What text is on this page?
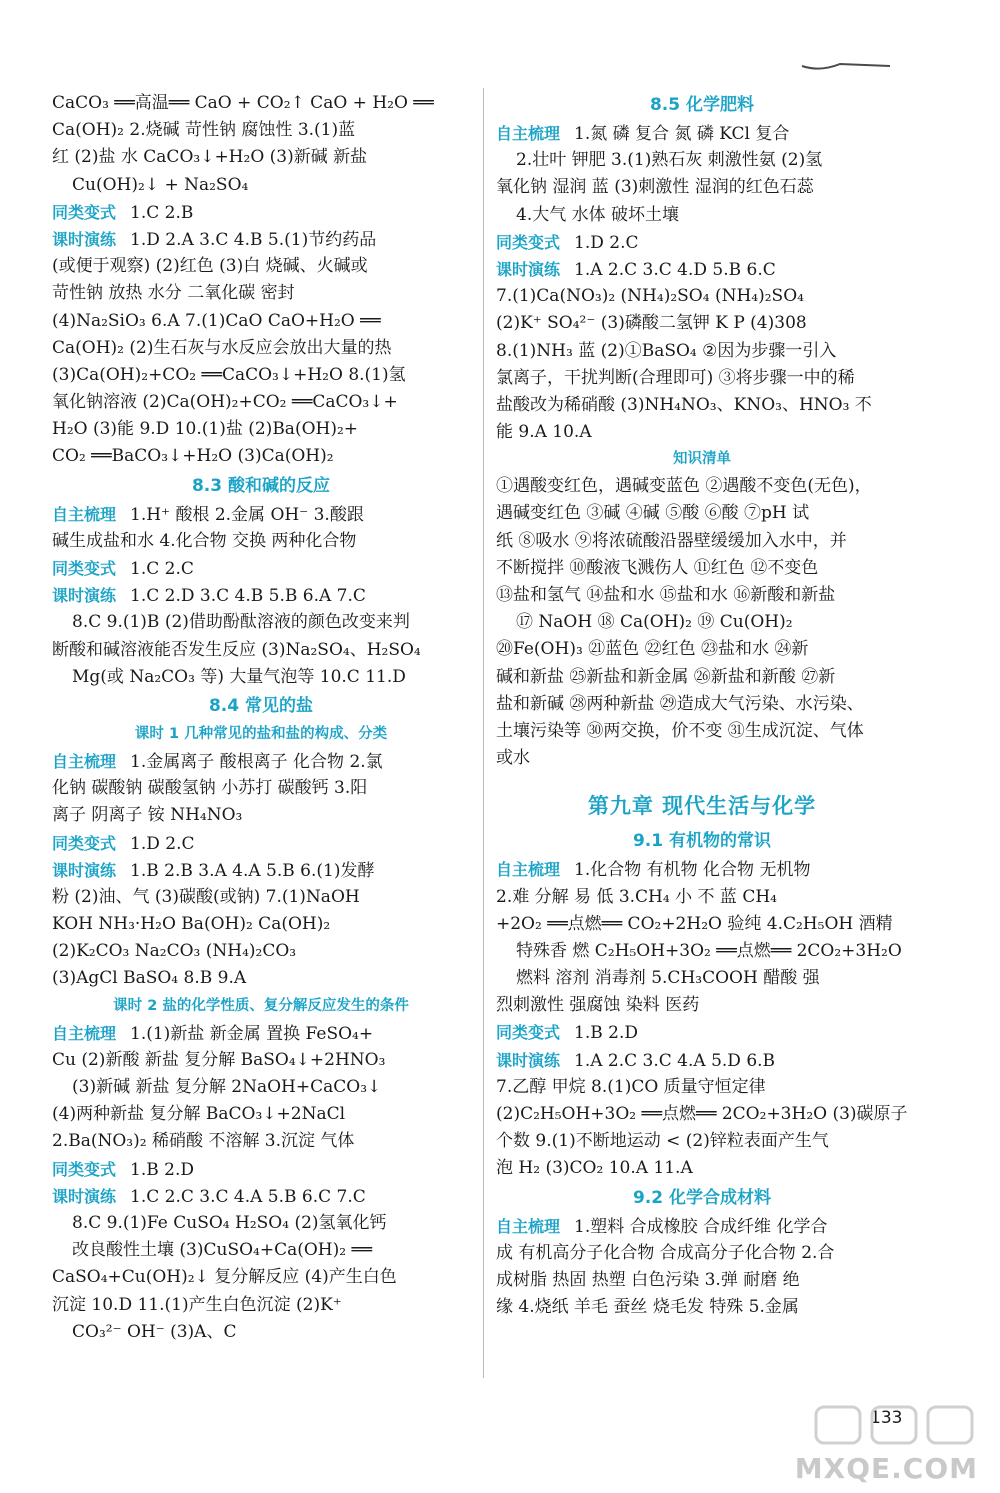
CaCO₃ ══高温══ CaO + CO₂↑ CaO + H₂O ══
Ca(OH)₂ 2.烧碱 苛性钠 腐蚀性 3.(1)蓝
红 (2)盐 水 CaCO₃↓+H₂O (3)新碱 新盐
Cu(OH)₂↓ + Na₂SO₄
同类变式 1.C 2.B
课时演练 1.D 2.A 3.C 4.B 5.(1)节约药品
(或便于观察) (2)红色 (3)白 烧碱、火碱或
苛性钠 放热 水分 二氧化碳 密封
(4)Na₂SiO₃ 6.A 7.(1)CaO CaO+H₂O ══
Ca(OH)₂ (2)生石灰与水反应会放出大量的热
(3)Ca(OH)₂+CO₂ ══CaCO₃↓+H₂O 8.(1)氢
氧化钠溶液 (2)Ca(OH)₂+CO₂ ══CaCO₃↓+
H₂O (3)能 9.D 10.(1)盐 (2)Ba(OH)₂+
CO₂ ══BaCO₃↓+H₂O (3)Ca(OH)₂
8.3 酸和碱的反应
自主梳理 1.H⁺ 酸根 2.金属 OH⁻ 3.酸跟
碱生成盐和水 4.化合物 交换 两种化合物
同类变式 1.C 2.C
课时演练 1.C 2.D 3.C 4.B 5.B 6.A 7.C
8.C 9.(1)B (2)借助酚酞溶液的颜色改变来判
断酸和碱溶液能否发生反应 (3)Na₂SO₄、H₂SO₄
Mg(或 Na₂CO₃ 等) 大量气泡等 10.C 11.D
8.4 常见的盐
课时 1 几种常见的盐和盐的构成、分类
自主梳理 1.金属离子 酸根离子 化合物 2.氯
化钠 碳酸钠 碳酸氢钠 小苏打 碳酸钙 3.阳
离子 阴离子 铵 NH₄NO₃
同类变式 1.D 2.C
课时演练 1.B 2.B 3.A 4.A 5.B 6.(1)发酵
粉 (2)油、气 (3)碳酸(或钠) 7.(1)NaOH
KOH NH₃·H₂O Ba(OH)₂ Ca(OH)₂
(2)K₂CO₃ Na₂CO₃ (NH₄)₂CO₃
(3)AgCl BaSO₄ 8.B 9.A
课时 2 盐的化学性质、复分解反应发生的条件
自主梳理 1.(1)新盐 新金属 置换 FeSO₄+
Cu (2)新酸 新盐 复分解 BaSO₄↓+2HNO₃
(3)新碱 新盐 复分解 2NaOH+CaCO₃↓
(4)两种新盐 复分解 BaCO₃↓+2NaCl
2.Ba(NO₃)₂ 稀硝酸 不溶解 3.沉淀 气体
同类变式 1.B 2.D
课时演练 1.C 2.C 3.C 4.A 5.B 6.C 7.C
8.C 9.(1)Fe CuSO₄ H₂SO₄ (2)氢氧化钙
改良酸性土壤 (3)CuSO₄+Ca(OH)₂ ══
CaSO₄+Cu(OH)₂↓ 复分解反应 (4)产生白色
沉淀 10.D 11.(1)产生白色沉淀 (2)K⁺
CO₃²⁻ OH⁻ (3)A、C
8.5 化学肥料
自主梳理 1.氮 磷 复合 氮 磷 KCl 复合
2.壮叶 钾肥 3.(1)熟石灰 刺激性氨 (2)氢
氧化钠 湿润 蓝 (3)刺激性 湿润的红色石蕊
4.大气 水体 破坏土壤
同类变式 1.D 2.C
课时演练 1.A 2.C 3.C 4.D 5.B 6.C
7.(1)Ca(NO₃)₂ (NH₄)₂SO₄ (NH₄)₂SO₄
(2)K⁺ SO₄²⁻ (3)磷酸二氢钾 K P (4)308
8.(1)NH₃ 蓝 (2)①BaSO₄ ②因为步骤一引入
氯离子，干扰判断(合理即可) ③将步骤一中的稀
盐酸改为稀硝酸 (3)NH₄NO₃、KNO₃、HNO₃ 不
能 9.A 10.A
知识清单
①遇酸变红色，遇碱变蓝色 ②遇酸不变色(无色)，
遇碱变红色 ③碱 ④碱 ⑤酸 ⑥酸 ⑦pH 试
纸 ⑧吸水 ⑨将浓硫酸沿器壁缓缓加入水中，并
不断搅拌 ⑩酸液飞溅伤人 ⑪红色 ⑫不变色
⑬盐和氢气 ⑭盐和水 ⑮盐和水 ⑯新酸和新盐
⑰ NaOH ⑱ Ca(OH)₂ ⑲ Cu(OH)₂
⑳Fe(OH)₃ ㉑蓝色 ㉒红色 ㉓盐和水 ㉔新
碱和新盐 ㉕新盐和新金属 ㉖新盐和新酸 ㉗新
盐和新碱 ㉘两种新盐 ㉙造成大气污染、水污染、
土壤污染等 ㉚两交换，价不变 ㉛生成沉淀、气体
或水
第九章 现代生活与化学
9.1 有机物的常识
自主梳理 1.化合物 有机物 化合物 无机物
2.难 分解 易 低 3.CH₄ 小 不 蓝 CH₄
+2O₂ ══点燃══ CO₂+2H₂O 验纯 4.C₂H₅OH 酒精
特殊香 燃 C₂H₅OH+3O₂ ══点燃══ 2CO₂+3H₂O
燃料 溶剂 消毒剂 5.CH₃COOH 醋酸 强
烈刺激性 强腐蚀 染料 医药
同类变式 1.B 2.D
课时演练 1.A 2.C 3.C 4.A 5.D 6.B
7.乙醇 甲烷 8.(1)CO 质量守恒定律
(2)C₂H₅OH+3O₂ ══点燃══ 2CO₂+3H₂O (3)碳原子
个数 9.(1)不断地运动 < (2)锌粒表面产生气
泡 H₂ (3)CO₂ 10.A 11.A
9.2 化学合成材料
自主梳理 1.塑料 合成橡胶 合成纤维 化学合
成 有机高分子化合物 合成高分子化合物 2.合
成树脂 热固 热塑 白色污染 3.弹 耐磨 绝
缘 4.烧纸 羊毛 蚕丝 烧毛发 特殊 5.金属
133
MXQE.COM
